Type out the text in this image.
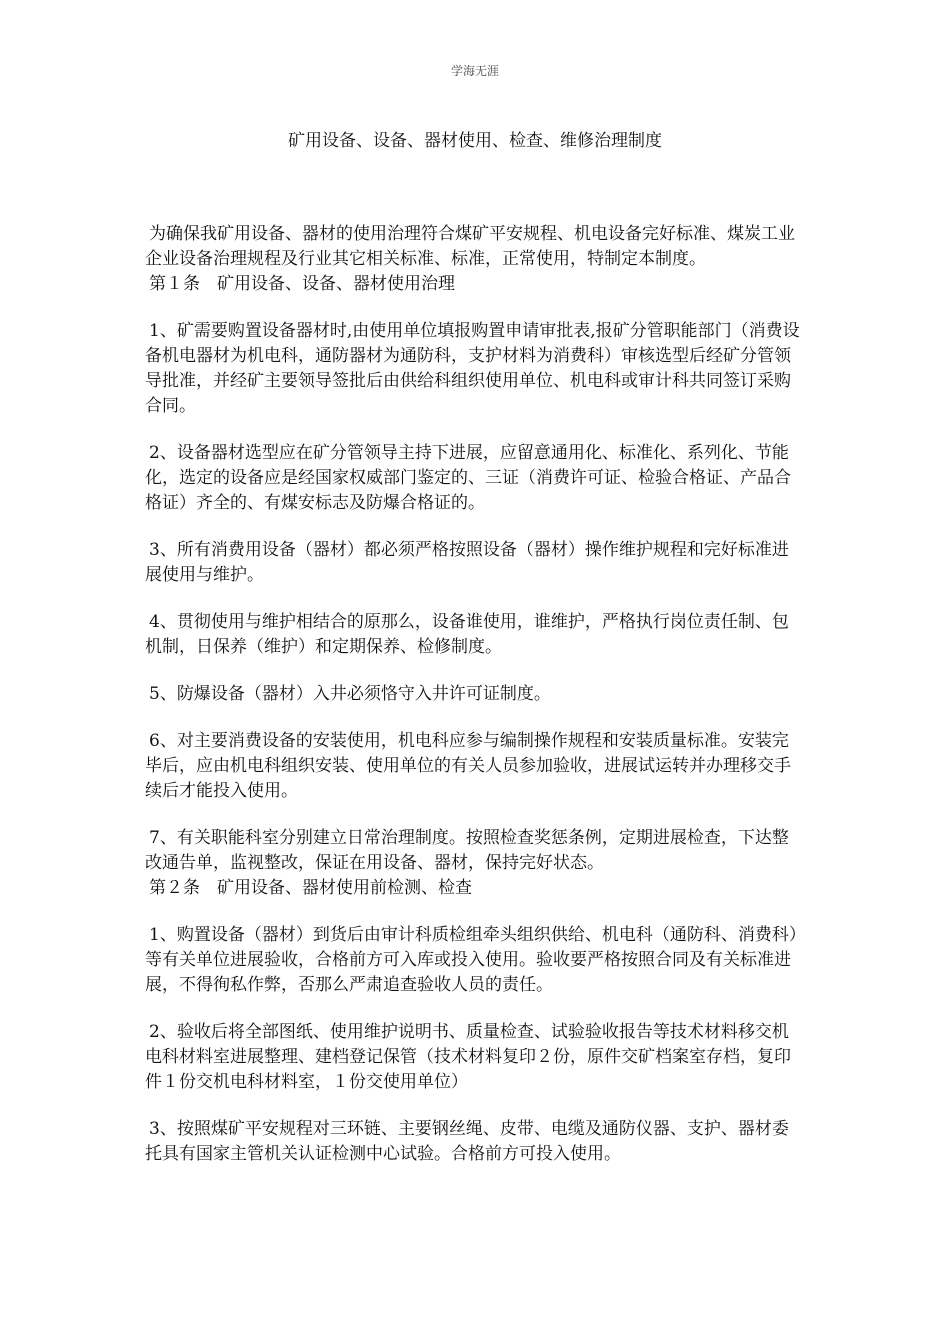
学海无涯
矿用设备、设备、器材使用、检查、维修治理制度

为确保我矿用设备、器材的使用治理符合煤矿平安规程、机电设备完好标准、煤炭工业企业设备治理规程及行业其它相关标准、标准，正常使用，特制定本制度。

第１条　矿用设备、设备、器材使用治理

1、矿需要购置设备器材时,由使用单位填报购置申请审批表,报矿分管职能部门（消费设备机电器材为机电科，通防器材为通防科，支护材料为消费科）审核选型后经矿分管领导批准，并经矿主要领导签批后由供给科组织使用单位、机电科或审计科共同签订采购合同。

2、设备器材选型应在矿分管领导主持下进展，应留意通用化、标准化、系列化、节能化，选定的设备应是经国家权威部门鉴定的、三证（消费许可证、检验合格证、产品合格证）齐全的、有煤安标志及防爆合格证的。

3、所有消费用设备（器材）都必须严格按照设备（器材）操作维护规程和完好标准进展使用与维护。

4、贯彻使用与维护相结合的原那么，设备谁使用，谁维护，严格执行岗位责任制、包机制，日保养（维护）和定期保养、检修制度。

5、防爆设备（器材）入井必须恪守入井许可证制度。

6、对主要消费设备的安装使用，机电科应参与编制操作规程和安装质量标准。安装完毕后，应由机电科组织安装、使用单位的有关人员参加验收，进展试运转并办理移交手续后才能投入使用。

7、有关职能科室分别建立日常治理制度。按照检查奖惩条例，定期进展检查，下达整改通告单，监视整改，保证在用设备、器材，保持完好状态。

第２条　矿用设备、器材使用前检测、检查

1、购置设备（器材）到货后由审计科质检组牵头组织供给、机电科（通防科、消费科）等有关单位进展验收，合格前方可入库或投入使用。验收要严格按照合同及有关标准进展，不得徇私作弊，否那么严肃追查验收人员的责任。

2、验收后将全部图纸、使用维护说明书、质量检查、试验验收报告等技术材料移交机电科材料室进展整理、建档登记保管（技术材料复印２份，原件交矿档案室存档，复印件１份交机电科材料室，１份交使用单位）

3、按照煤矿平安规程对三环链、主要钢丝绳、皮带、电缆及通防仪器、支护、器材委托具有国家主管机关认证检测中心试验。合格前方可投入使用。
